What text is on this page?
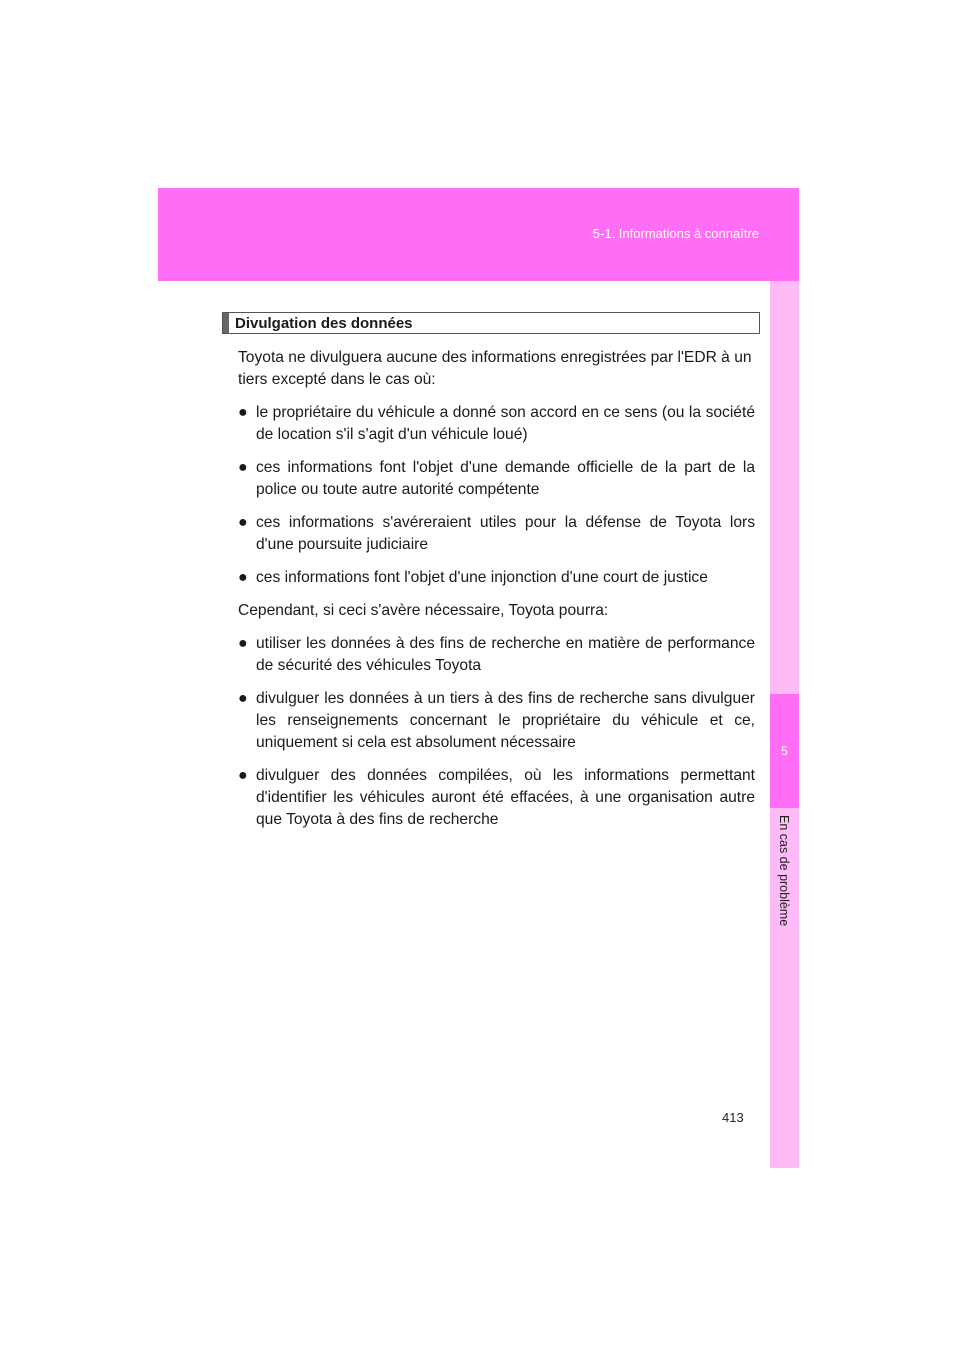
5-1. Informations à connaître
5
En cas de problème
Divulgation des données

Toyota ne divulguera aucune des informations enregistrées par l'EDR à un tiers excepté dans le cas où:

● le propriétaire du véhicule a donné son accord en ce sens (ou la société de location s'il s'agit d'un véhicule loué)
● ces informations font l'objet d'une demande officielle de la part de la police ou toute autre autorité compétente
● ces informations s'avéreraient utiles pour la défense de Toyota lors d'une poursuite judiciaire
● ces informations font l'objet d'une injonction d'une court de justice

Cependant, si ceci s'avère nécessaire, Toyota pourra:

● utiliser les données à des fins de recherche en matière de performance de sécurité des véhicules Toyota
● divulguer les données à un tiers à des fins de recherche sans divulguer les renseignements concernant le propriétaire du véhicule et ce, uniquement si cela est absolument nécessaire
● divulguer des données compilées, où les informations permettant d'identifier les véhicules auront été effacées, à une organisation autre que Toyota à des fins de recherche
413
